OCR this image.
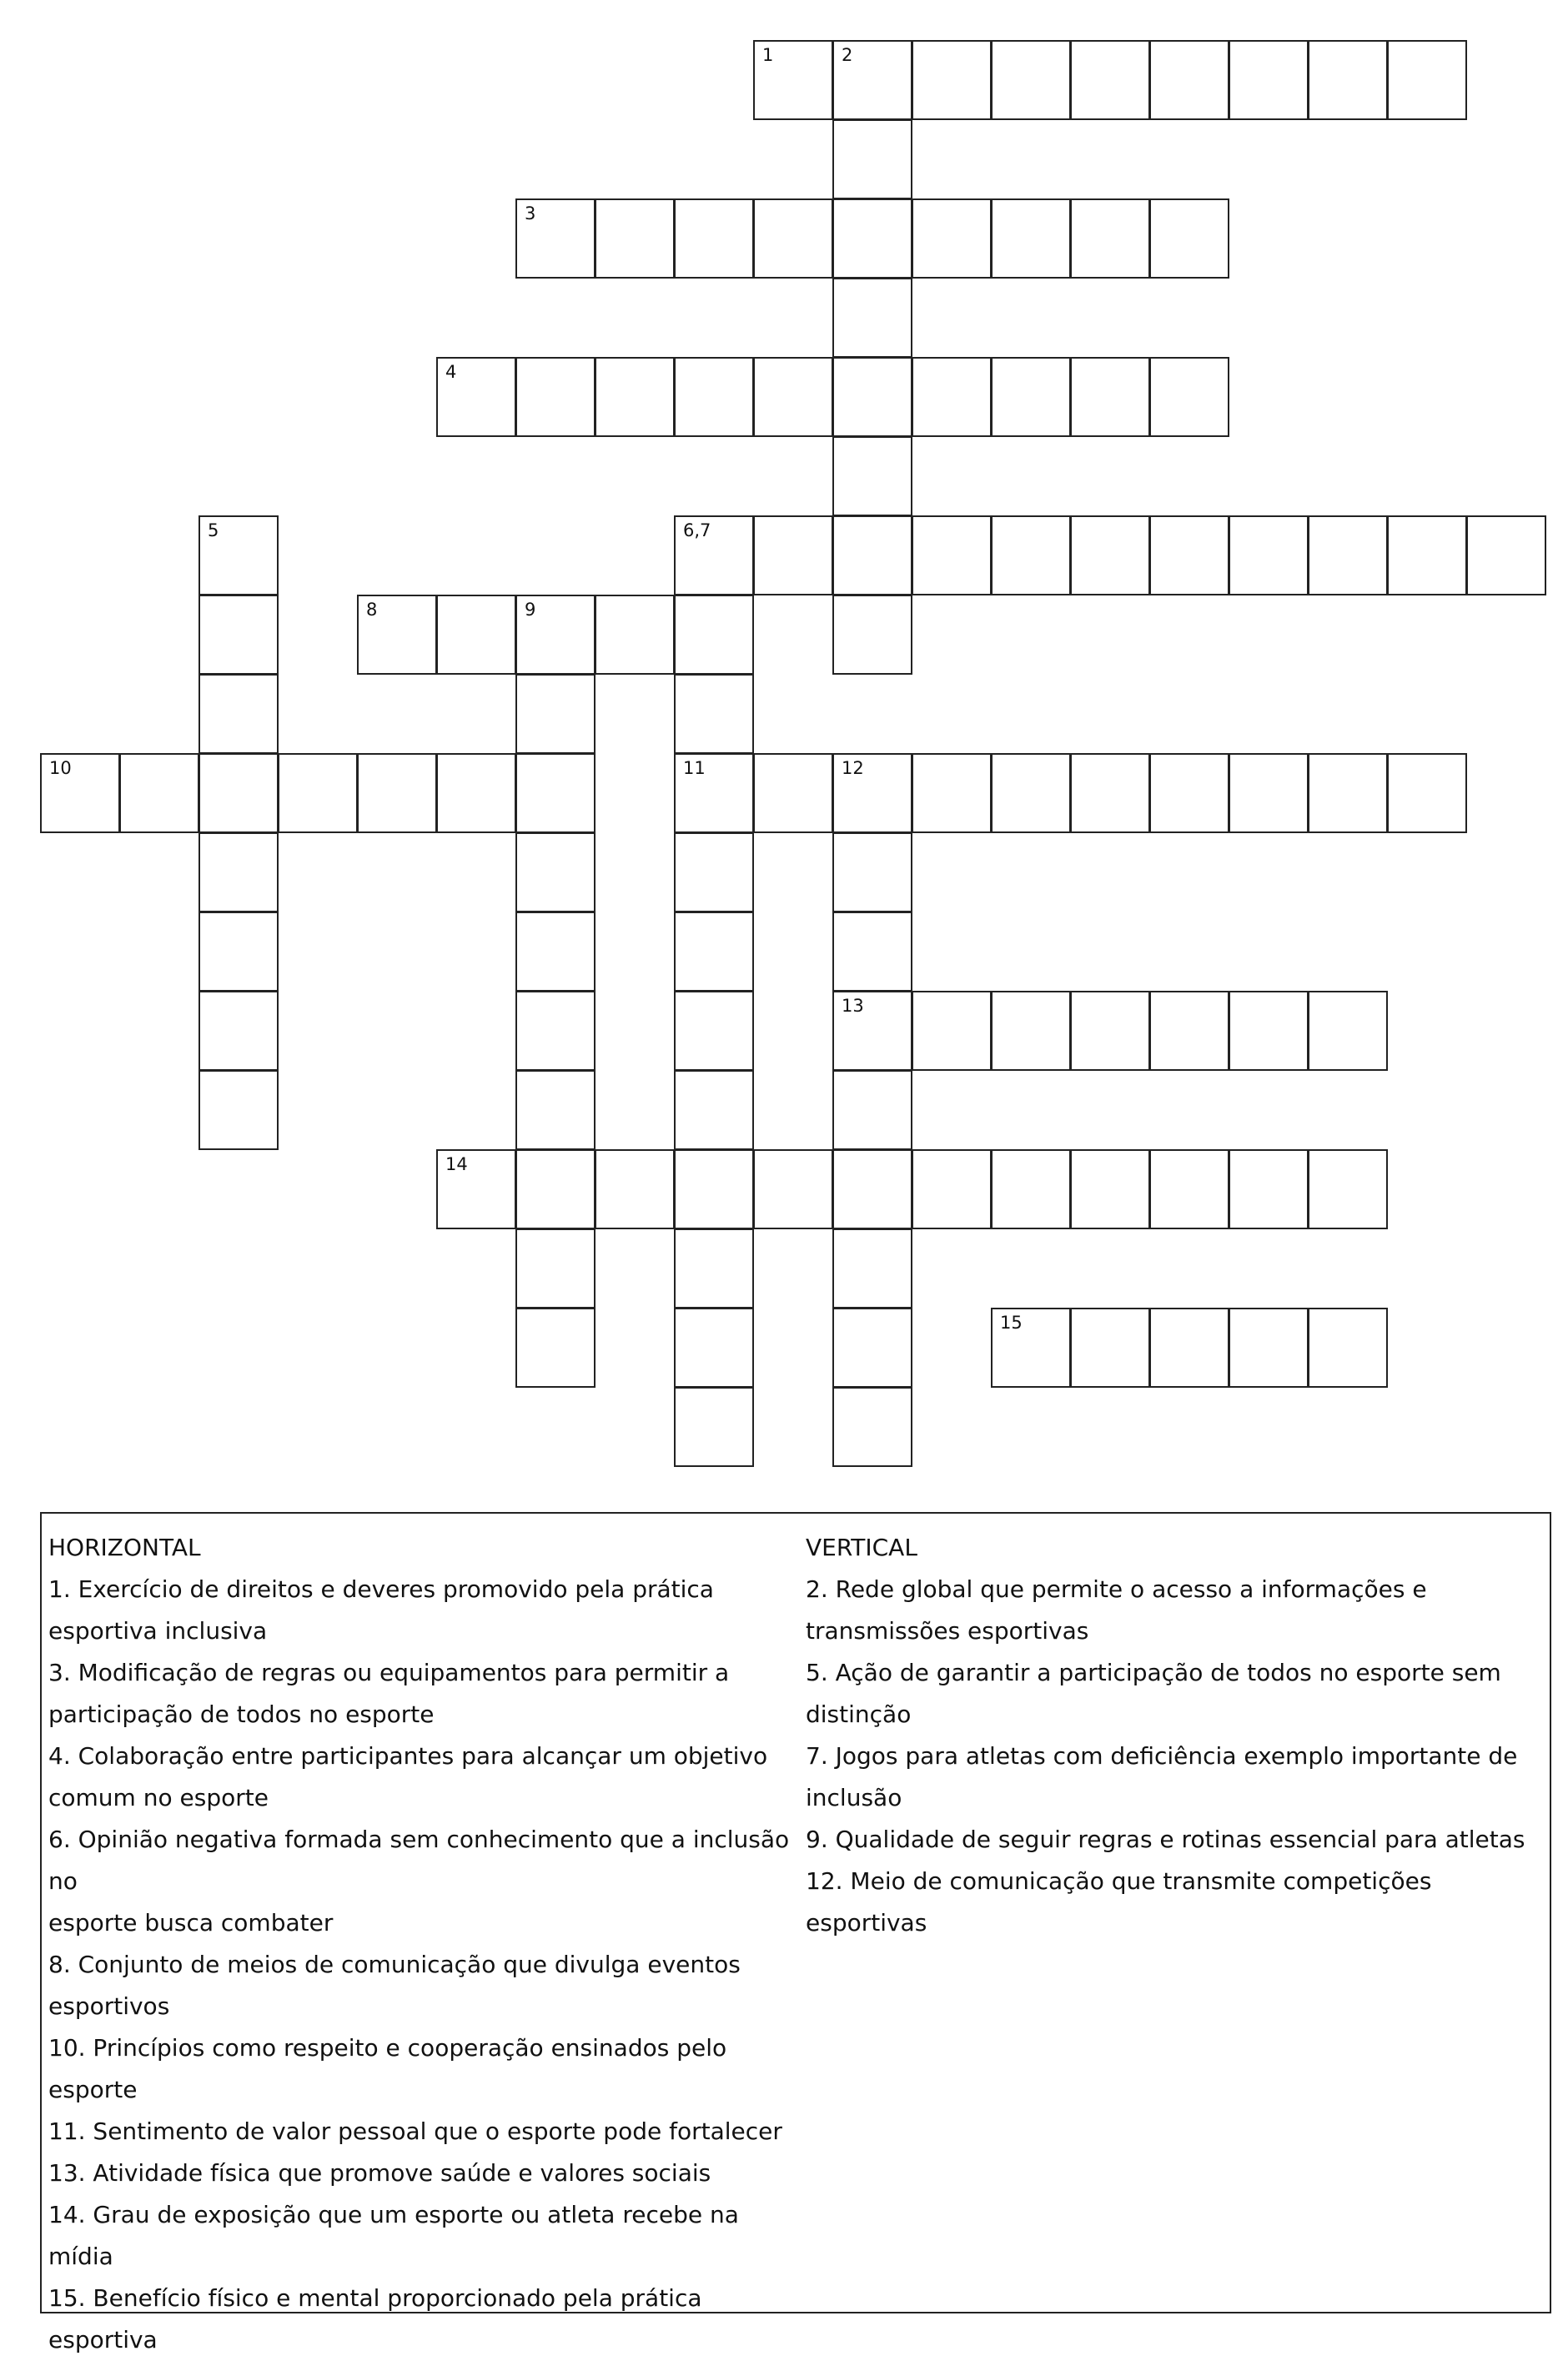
1	2
3
4
5	6,7
8	9
10	11	12
13
14
15
HORIZONTAL
1. Exercício de direitos e deveres promovido pela prática
esportiva inclusiva
3. Modificação de regras ou equipamentos para permitir a
participação de todos no esporte
4. Colaboração entre participantes para alcançar um objetivo
comum no esporte
6. Opinião negativa formada sem conhecimento que a inclusão no
esporte busca combater
8. Conjunto de meios de comunicação que divulga eventos
esportivos
10. Princípios como respeito e cooperação ensinados pelo
esporte
11. Sentimento de valor pessoal que o esporte pode fortalecer
13. Atividade física que promove saúde e valores sociais
14. Grau de exposição que um esporte ou atleta recebe na mídia
15. Benefício físico e mental proporcionado pela prática
esportiva
VERTICAL
2. Rede global que permite o acesso a informações e
transmissões esportivas
5. Ação de garantir a participação de todos no esporte sem
distinção
7. Jogos para atletas com deficiência exemplo importante de
inclusão
9. Qualidade de seguir regras e rotinas essencial para atletas
12. Meio de comunicação que transmite competições esportivas
